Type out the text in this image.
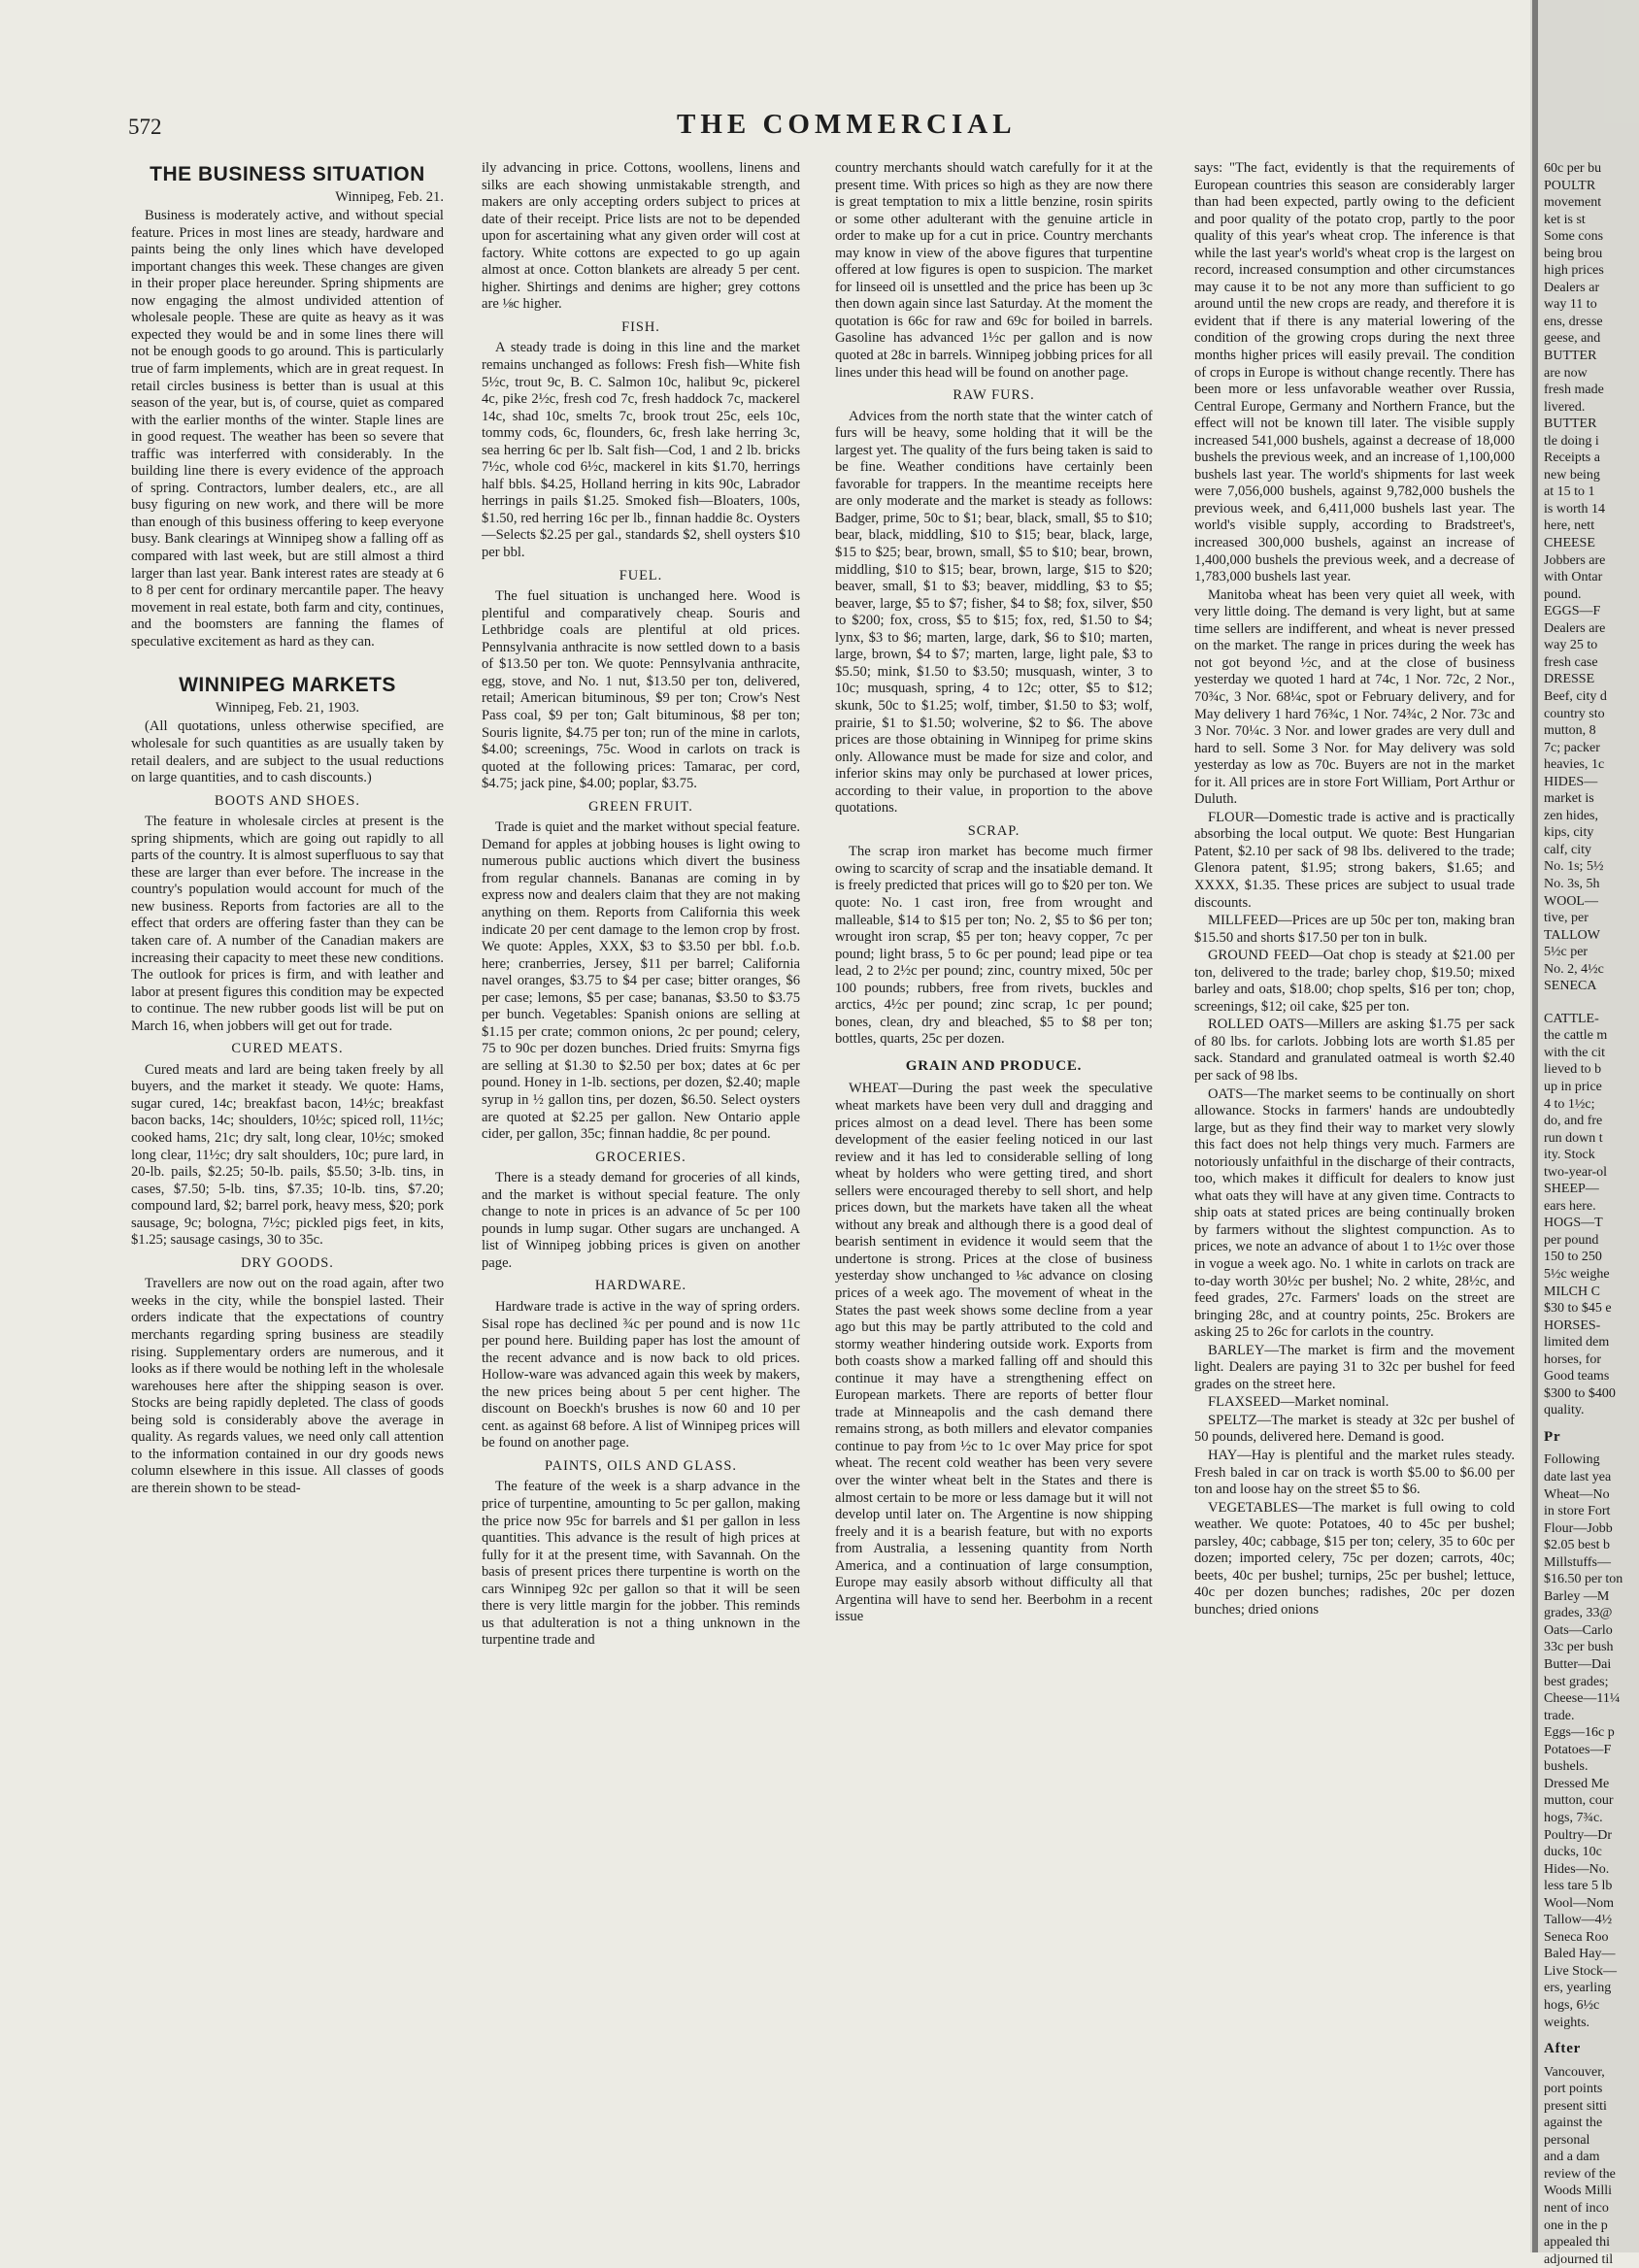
572	THE COMMERCIAL
THE BUSINESS SITUATION

Winnipeg, Feb. 21.

Business is moderately active, and without special feature. Prices in most lines are steady, hardware and paints being the only lines which have developed important changes this week. These changes are given in their proper place hereunder. Spring shipments are now engaging the almost undivided attention of wholesale people. These are quite as heavy as it was expected they would be and in some lines there will not be enough goods to go around. This is particularly true of farm implements, which are in great request. In retail circles business is better than is usual at this season of the year, but is, of course, quiet as compared with the earlier months of the winter. Staple lines are in good request. The weather has been so severe that traffic was interferred with considerably. In the building line there is every evidence of the approach of spring. Contractors, lumber dealers, etc., are all busy figuring on new work, and there will be more than enough of this business offering to keep everyone busy. Bank clearings at Winnipeg show a falling off as compared with last week, but are still almost a third larger than last year. Bank interest rates are steady at 6 to 8 per cent for ordinary mercantile paper. The heavy movement in real estate, both farm and city, continues, and the boomsters are fanning the flames of speculative excitement as hard as they can.

WINNIPEG MARKETS

Winnipeg, Feb. 21, 1903.

(All quotations, unless otherwise specified, are wholesale for such quantities as are usually taken by retail dealers, and are subject to the usual reductions on large quantities, and to cash discounts.)

BOOTS AND SHOES.

The feature in wholesale circles at present is the spring shipments, which are going out rapidly to all parts of the country. It is almost superfluous to say that these are larger than ever before. The increase in the country's population would account for much of the new business. Reports from factories are all to the effect that orders are offering faster than they can be taken care of. A number of the Canadian makers are increasing their capacity to meet these new conditions. The outlook for prices is firm, and with leather and labor at present figures this condition may be expected to continue. The new rubber goods list will be put on March 16, when jobbers will get out for trade.

CURED MEATS.

Cured meats and lard are being taken freely by all buyers, and the market it steady. We quote: Hams, sugar cured, 14c; breakfast bacon, 14½c; breakfast bacon backs, 14c; shoulders, 10½c; spiced roll, 11½c; cooked hams, 21c; dry salt, long clear, 10½c; smoked long clear, 11½c; dry salt shoulders, 10c; pure lard, in 20-lb. pails, $2.25; 50-lb. pails, $5.50; 3-lb. tins, in cases, $7.50; 5-lb. tins, $7.35; 10-lb. tins, $7.20; compound lard, $2; barrel pork, heavy mess, $20; pork sausage, 9c; bologna, 7½c; pickled pigs feet, in kits, $1.25; sausage casings, 30 to 35c.

DRY GOODS.

Travellers are now out on the road again, after two weeks in the city, while the bonspiel lasted. Their orders indicate that the expectations of country merchants regarding spring business are steadily rising. Supplementary orders are numerous, and it looks as if there would be nothing left in the wholesale warehouses here after the shipping season is over. Stocks are being rapidly depleted. The class of goods being sold is considerably above the average in quality. As regards values, we need only call attention to the information contained in our dry goods news column elsewhere in this issue. All classes of goods are therein shown to be stead-

ily advancing in price. Cottons, woollens, linens and silks are each showing unmistakable strength, and makers are only accepting orders subject to prices at date of their receipt. Price lists are not to be depended upon for ascertaining what any given order will cost at factory. White cottons are expected to go up again almost at once. Cotton blankets are already 5 per cent. higher. Shirtings and denims are higher; grey cottons are ⅛c higher.

FISH.

A steady trade is doing in this line and the market remains unchanged as follows: Fresh fish—White fish 5½c, trout 9c, B. C. Salmon 10c, halibut 9c, pickerel 4c, pike 2½c, fresh cod 7c, fresh haddock 7c, mackerel 14c, shad 10c, smelts 7c, brook trout 25c, eels 10c, tommy cods, 6c, flounders, 6c, fresh lake herring 3c, sea herring 6c per lb. Salt fish—Cod, 1 and 2 lb. bricks 7½c, whole cod 6½c, mackerel in kits $1.70, herrings half bbls. $4.25, Holland herring in kits 90c, Labrador herrings in pails $1.25. Smoked fish—Bloaters, 100s, $1.50, red herring 16c per lb., finnan haddie 8c. Oysters—Selects $2.25 per gal., standards $2, shell oysters $10 per bbl.

FUEL.

The fuel situation is unchanged here. Wood is plentiful and comparatively cheap. Souris and Lethbridge coals are plentiful at old prices. Pennsylvania anthracite is now settled down to a basis of $13.50 per ton. We quote: Pennsylvania anthracite, egg, stove, and No. 1 nut, $13.50 per ton, delivered, retail; American bituminous, $9 per ton; Crow's Nest Pass coal, $9 per ton; Galt bituminous, $8 per ton; Souris lignite, $4.75 per ton; run of the mine in carlots, $4.00; screenings, 75c. Wood in carlots on track is quoted at the following prices: Tamarac, per cord, $4.75; jack pine, $4.00; poplar, $3.75.

GREEN FRUIT.

Trade is quiet and the market without special feature. Demand for apples at jobbing houses is light owing to numerous public auctions which divert the business from regular channels. Bananas are coming in by express now and dealers claim that they are not making anything on them. Reports from California this week indicate 20 per cent damage to the lemon crop by frost. We quote: Apples, XXX, $3 to $3.50 per bbl. f.o.b. here; cranberries, Jersey, $11 per barrel; California navel oranges, $3.75 to $4 per case; bitter oranges, $6 per case; lemons, $5 per case; bananas, $3.50 to $3.75 per bunch. Vegetables: Spanish onions are selling at $1.15 per crate; common onions, 2c per pound; celery, 75 to 90c per dozen bunches. Dried fruits: Smyrna figs are selling at $1.30 to $2.50 per box; dates at 6c per pound. Honey in 1-lb. sections, per dozen, $2.40; maple syrup in ½ gallon tins, per dozen, $6.50. Select oysters are quoted at $2.25 per gallon. New Ontario apple cider, per gallon, 35c; finnan haddie, 8c per pound.

GROCERIES.

There is a steady demand for groceries of all kinds, and the market is without special feature. The only change to note in prices is an advance of 5c per 100 pounds in lump sugar. Other sugars are unchanged. A list of Winnipeg jobbing prices is given on another page.

HARDWARE.

Hardware trade is active in the way of spring orders. Sisal rope has declined ¾c per pound and is now 11c per pound here. Building paper has lost the amount of the recent advance and is now back to old prices. Hollow-ware was advanced again this week by makers, the new prices being about 5 per cent higher. The discount on Boeckh's brushes is now 60 and 10 per cent. as against 68 before. A list of Winnipeg prices will be found on another page.

PAINTS, OILS AND GLASS.

The feature of the week is a sharp advance in the price of turpentine, amounting to 5c per gallon, making the price now 95c for barrels and $1 per gallon in less quantities. This advance is the result of high prices at fully for it at the present time, with Savannah. On the basis of present prices there turpentine is worth on the cars Winnipeg 92c per gallon so that it will be seen there is very little margin for the jobber. This reminds us that adulteration is not a thing unknown in the turpentine trade and

country merchants should watch carefully for it at the present time. With prices so high as they are now there is great temptation to mix a little benzine, rosin spirits or some other adulterant with the genuine article in order to make up for a cut in price. Country merchants may know in view of the above figures that turpentine offered at low figures is open to suspicion. The market for linseed oil is unsettled and the price has been up 3c then down again since last Saturday. At the moment the quotation is 66c for raw and 69c for boiled in barrels. Gasoline has advanced 1½c per gallon and is now quoted at 28c in barrels. Winnipeg jobbing prices for all lines under this head will be found on another page.

RAW FURS.

Advices from the north state that the winter catch of furs will be heavy, some holding that it will be the largest yet. The quality of the furs being taken is said to be fine. Weather conditions have certainly been favorable for trappers. In the meantime receipts here are only moderate and the market is steady as follows: Badger, prime, 50c to $1; bear, black, small, $5 to $10; bear, black, middling, $10 to $15; bear, black, large, $15 to $25; bear, brown, small, $5 to $10; bear, brown, middling, $10 to $15; bear, brown, large, $15 to $20; beaver, small, $1 to $3; beaver, middling, $3 to $5; beaver, large, $5 to $7; fisher, $4 to $8; fox, silver, $50 to $200; fox, cross, $5 to $15; fox, red, $1.50 to $4; lynx, $3 to $6; marten, large, dark, $6 to $10; marten, large, brown, $4 to $7; marten, large, light pale, $3 to $5.50; mink, $1.50 to $3.50; musquash, winter, 3 to 10c; musquash, spring, 4 to 12c; otter, $5 to $12; skunk, 50c to $1.25; wolf, timber, $1.50 to $3; wolf, prairie, $1 to $1.50; wolverine, $2 to $6. The above prices are those obtaining in Winnipeg for prime skins only. Allowance must be made for size and color, and inferior skins may only be purchased at lower prices, according to their value, in proportion to the above quotations.

SCRAP.

The scrap iron market has become much firmer owing to scarcity of scrap and the insatiable demand. It is freely predicted that prices will go to $20 per ton. We quote: No. 1 cast iron, free from wrought and malleable, $14 to $15 per ton; No. 2, $5 to $6 per ton; wrought iron scrap, $5 per ton; heavy copper, 7c per pound; light brass, 5 to 6c per pound; lead pipe or tea lead, 2 to 2½c per pound; zinc, country mixed, 50c per 100 pounds; rubbers, free from rivets, buckles and arctics, 4½c per pound; zinc scrap, 1c per pound; bones, clean, dry and bleached, $5 to $8 per ton; bottles, quarts, 25c per dozen.

GRAIN AND PRODUCE.

WHEAT—During the past week the speculative wheat markets have been very dull and dragging and prices almost on a dead level. There has been some development of the easier feeling noticed in our last review and it has led to considerable selling of long wheat by holders who were getting tired, and short sellers were encouraged thereby to sell short, and help prices down, but the markets have taken all the wheat without any break and although there is a good deal of bearish sentiment in evidence it would seem that the undertone is strong. Prices at the close of business yesterday show unchanged to ⅛c advance on closing prices of a week ago. The movement of wheat in the States the past week shows some decline from a year ago but this may be partly attributed to the cold and stormy weather hindering outside work. Exports from both coasts show a marked falling off and should this continue it may have a strengthening effect on European markets. There are reports of better flour trade at Minneapolis and the cash demand there remains strong, as both millers and elevator companies continue to pay from ½c to 1c over May price for spot wheat. The recent cold weather has been very severe over the winter wheat belt in the States and there is almost certain to be more or less damage but it will not develop until later on. The Argentine is now shipping freely and it is a bearish feature, but with no exports from Australia, a lessening quantity from North America, and a continuation of large consumption, Europe may easily absorb without difficulty all that Argentina will have to send her. Beerbohm in a recent issue

says: "The fact, evidently is that the requirements of European countries this season are considerably larger than had been expected, partly owing to the deficient and poor quality of the potato crop, partly to the poor quality of this year's wheat crop. The inference is that while the last year's world's wheat crop is the largest on record, increased consumption and other circumstances may cause it to be not any more than sufficient to go around until the new crops are ready, and therefore it is evident that if there is any material lowering of the condition of the growing crops during the next three months higher prices will easily prevail. The condition of crops in Europe is without change recently. There has been more or less unfavorable weather over Russia, Central Europe, Germany and Northern France, but the effect will not be known till later. The visible supply increased 541,000 bushels, against a decrease of 18,000 bushels the previous week, and an increase of 1,100,000 bushels last year. The world's shipments for last week were 7,056,000 bushels, against 9,782,000 bushels the previous week, and 6,411,000 bushels last year. The world's visible supply, according to Bradstreet's, increased 300,000 bushels, against an increase of 1,400,000 bushels the previous week, and a decrease of 1,783,000 bushels last year.

Manitoba wheat has been very quiet all week, with very little doing. The demand is very light, but at same time sellers are indifferent, and wheat is never pressed on the market. The range in prices during the week has not got beyond ½c, and at the close of business yesterday we quoted 1 hard at 74c, 1 Nor. 72c, 2 Nor., 70¾c, 3 Nor. 68¼c, spot or February delivery, and for May delivery 1 hard 76¾c, 1 Nor. 74¾c, 2 Nor. 73c and 3 Nor. 70¼c. 3 Nor. and lower grades are very dull and hard to sell. Some 3 Nor. for May delivery was sold yesterday as low as 70c. Buyers are not in the market for it. All prices are in store Fort William, Port Arthur or Duluth.

FLOUR—Domestic trade is active and is practically absorbing the local output. We quote: Best Hungarian Patent, $2.10 per sack of 98 lbs. delivered to the trade; Glenora patent, $1.95; strong bakers, $1.65; and XXXX, $1.35. These prices are subject to usual trade discounts.

MILLFEED—Prices are up 50c per ton, making bran $15.50 and shorts $17.50 per ton in bulk.

GROUND FEED—Oat chop is steady at $21.00 per ton, delivered to the trade; barley chop, $19.50; mixed barley and oats, $18.00; chop spelts, $16 per ton; chop, screenings, $12; oil cake, $25 per ton.

ROLLED OATS—Millers are asking $1.75 per sack of 80 lbs. for carlots. Jobbing lots are worth $1.85 per sack. Standard and granulated oatmeal is worth $2.40 per sack of 98 lbs.

OATS—The market seems to be continually on short allowance. Stocks in farmers' hands are undoubtedly large, but as they find their way to market very slowly this fact does not help things very much. Farmers are notoriously unfaithful in the discharge of their contracts, too, which makes it difficult for dealers to know just what oats they will have at any given time. Contracts to ship oats at stated prices are being continually broken by farmers without the slightest compunction. As to prices, we note an advance of about 1 to 1½c over those in vogue a week ago. No. 1 white in carlots on track are to-day worth 30½c per bushel; No. 2 white, 28½c, and feed grades, 27c. Farmers' loads on the street are bringing 28c, and at country points, 25c. Brokers are asking 25 to 26c for carlots in the country.

BARLEY—The market is firm and the movement light. Dealers are paying 31 to 32c per bushel for feed grades on the street here.

FLAXSEED—Market nominal.

SPELTZ—The market is steady at 32c per bushel of 50 pounds, delivered here. Demand is good.

HAY—Hay is plentiful and the market rules steady. Fresh baled in car on track is worth $5.00 to $6.00 per ton and loose hay on the street $5 to $6.

VEGETABLES—The market is full owing to cold weather. We quote: Potatoes, 40 to 45c per bushel; parsley, 40c; cabbage, $15 per ton; celery, 35 to 60c per dozen; imported celery, 75c per dozen; carrots, 40c; beets, 40c per bushel; turnips, 25c per bushel; lettuce, 40c per dozen bunches; radishes, 20c per dozen bunches; dried onions

60c per bu
POULTR
movement
ket is st
Some cons
being brou
high prices
Dealers ar
way 11 to
ens, dresse
geese, and
BUTTER
are now
fresh made
livered.
BUTTER
tle doing i
Receipts a
new being
at 15 to 1
is worth 14
here, nett
CHEESE
Jobbers are
with Ontar
pound.
EGGS—F
Dealers are
way 25 to
fresh case
DRESSE
Beef, city d
country sto
mutton, 8
7c; packer
heavies, 1c
HIDES—
market is
zen hides,
kips, city
calf, city
No. 1s; 5½
No. 3s, 5h
WOOL—
tive, per
TALLOW
5½c per
No. 2, 4½c
SENECA
CATTLE-
the cattle m
with the cit
lieved to b
up in price
4 to 1½c;
do, and fre
run down t
ity. Stock
two-year-ol
SHEEP—
ears here.
HOGS—T
per pound
150 to 250
5½c weighe
MILCH C
$30 to $45 e
HORSES-
limited dem
horses, for
Good teams
$300 to $400
quality.
Pr
Following
date last yea
Wheat—No
in store Fort
Flour—Jobb
$2.05 best b
Millstuffs—
$16.50 per ton
Barley —M
grades, 33@
Oats—Carlo
33c per bush
Butter—Dai
best grades;
Cheese—11¼
trade.
Eggs—16c p
Potatoes—F
bushels.
Dressed Me
mutton, cour
hogs, 7¾c.
Poultry—Dr
ducks, 10c
Hides—No.
less tare 5 lb
Wool—Nom
Tallow—4½
Seneca Roo
Baled Hay—
Live Stock—
ers, yearling
hogs, 6½c
weights.
After
Vancouver,
port points
present sitti
against the
personal
and a dam
review of the
Woods Milli
nent of inco
one in the p
appealed thi
adjourned til
